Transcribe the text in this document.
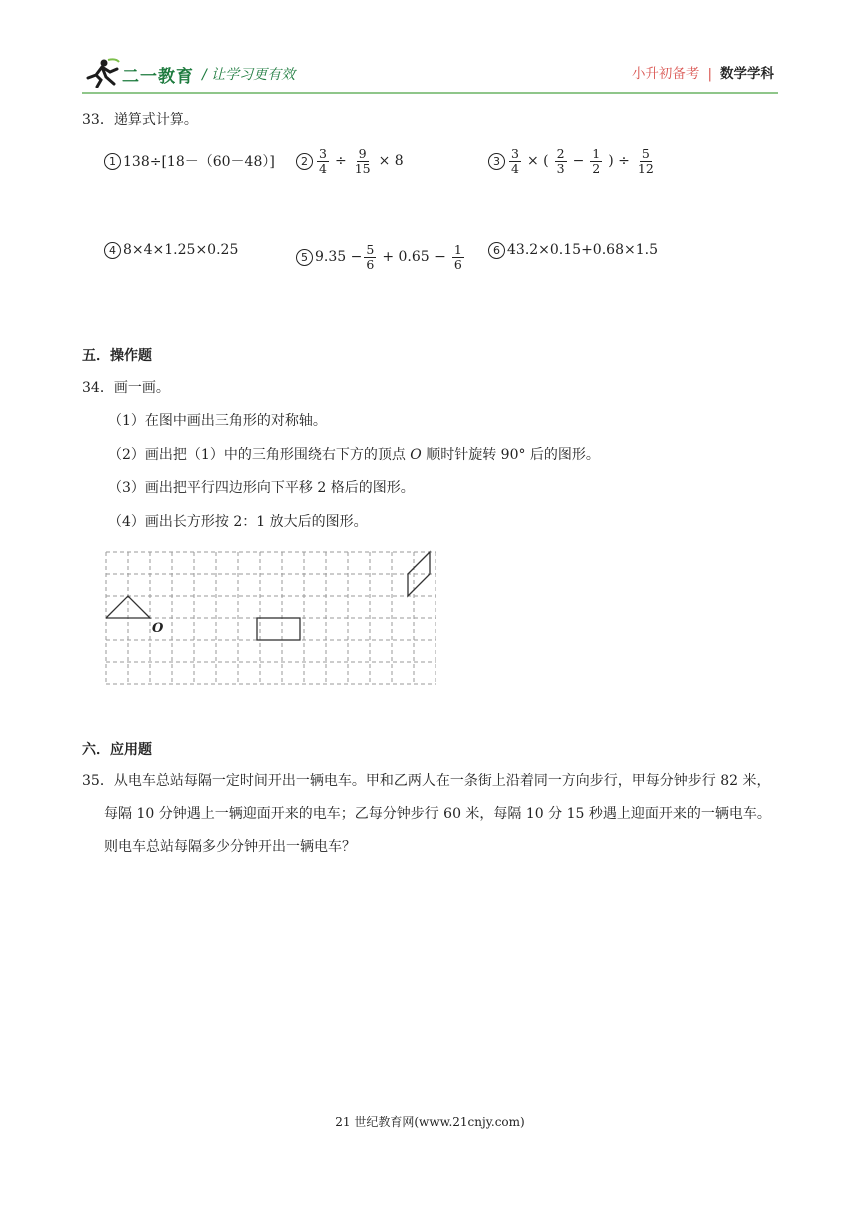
二一教育 / 让学习更有效	小升初备考 | 数学学科
33．递算式计算。
1 138÷[18－（60－48）]	$2 \frac{3}{4} \div \frac{9}{15} \times 8$	$3 \frac{3}{4}$ × ( $\frac{2}{3} - \frac{1}{2}$ ) ÷ $\frac{5}{12}$
4 8×4×1.25×0.25	5 $9.35 - \frac{5}{6} + 0.65 - \frac{1}{6}$	6 43.2×0.15+0.68×1.5
五．操作题
34．画一画。
（1）在图中画出三角形的对称轴。
（2）画出把（1）中的三角形围绕右下方的顶点 O 顺时针旋转 90° 后的图形。
（3）画出把平行四边形向下平移 2 格后的图形。
（4）画出长方形按 2：1 放大后的图形。
O
六．应用题
35．从电车总站每隔一定时间开出一辆电车。甲和乙两人在一条街上沿着同一方向步行，甲每分钟步行 82 米，每隔 10 分钟遇上一辆迎面开来的电车；乙每分钟步行 60 米，每隔 10 分 15 秒遇上迎面开来的一辆电车。则电车总站每隔多少分钟开出一辆电车？
21 世纪教育网(www.21cnjy.com)
